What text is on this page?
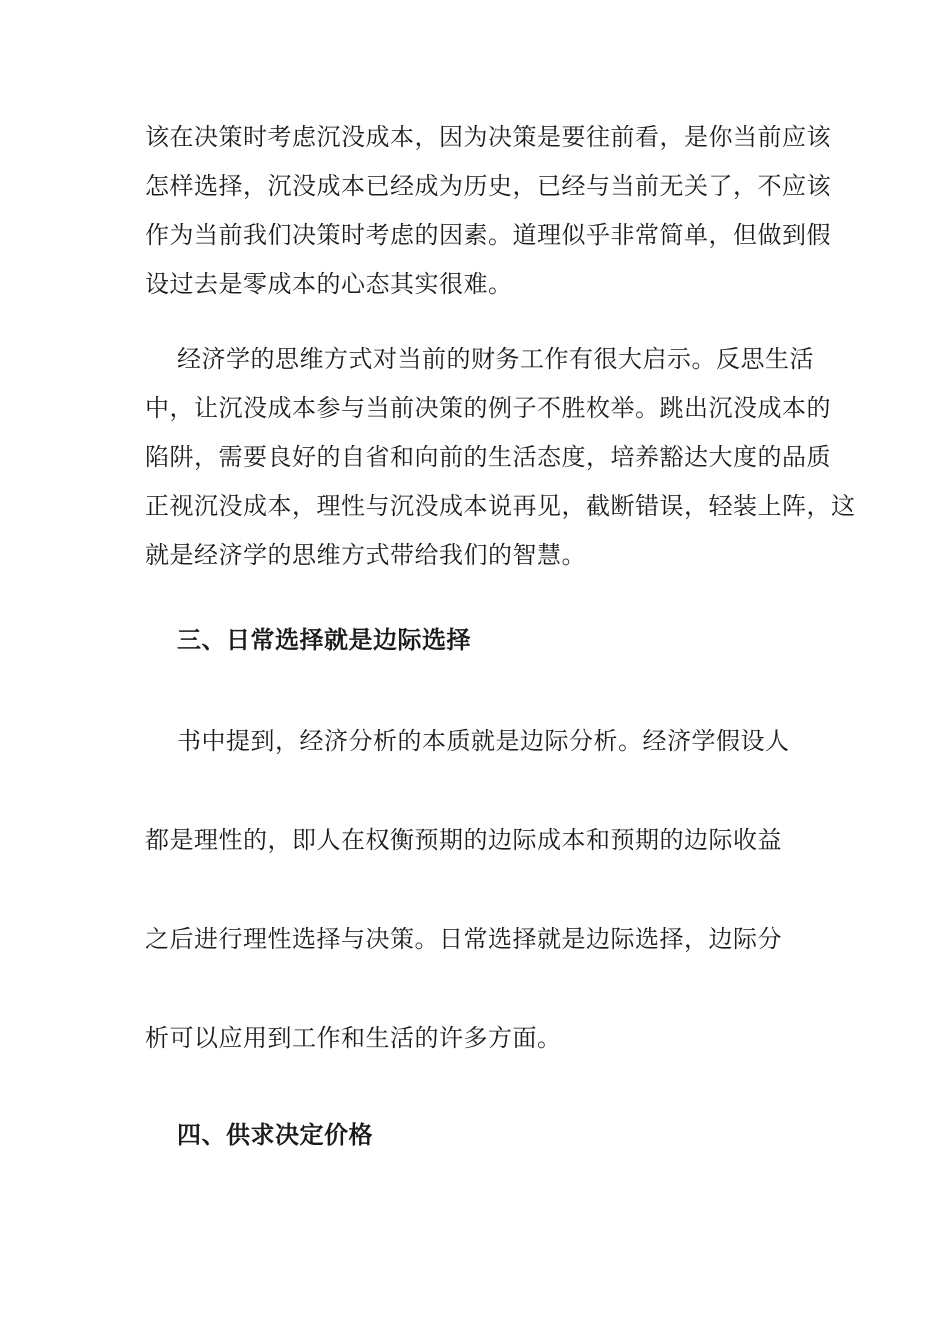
该在决策时考虑沉没成本，因为决策是要往前看，是你当前应该
怎样选择，沉没成本已经成为历史，已经与当前无关了，不应该
作为当前我们决策时考虑的因素。道理似乎非常简单，但做到假
设过去是零成本的心态其实很难。
经济学的思维方式对当前的财务工作有很大启示。反思生活
中，让沉没成本参与当前决策的例子不胜枚举。跳出沉没成本的
陷阱，需要良好的自省和向前的生活态度，培养豁达大度的品质
正视沉没成本，理性与沉没成本说再见，截断错误，轻装上阵，这
就是经济学的思维方式带给我们的智慧。
三、日常选择就是边际选择
书中提到，经济分析的本质就是边际分析。经济学假设人
都是理性的，即人在权衡预期的边际成本和预期的边际收益
之后进行理性选择与决策。日常选择就是边际选择，边际分
析可以应用到工作和生活的许多方面。
四、供求决定价格
